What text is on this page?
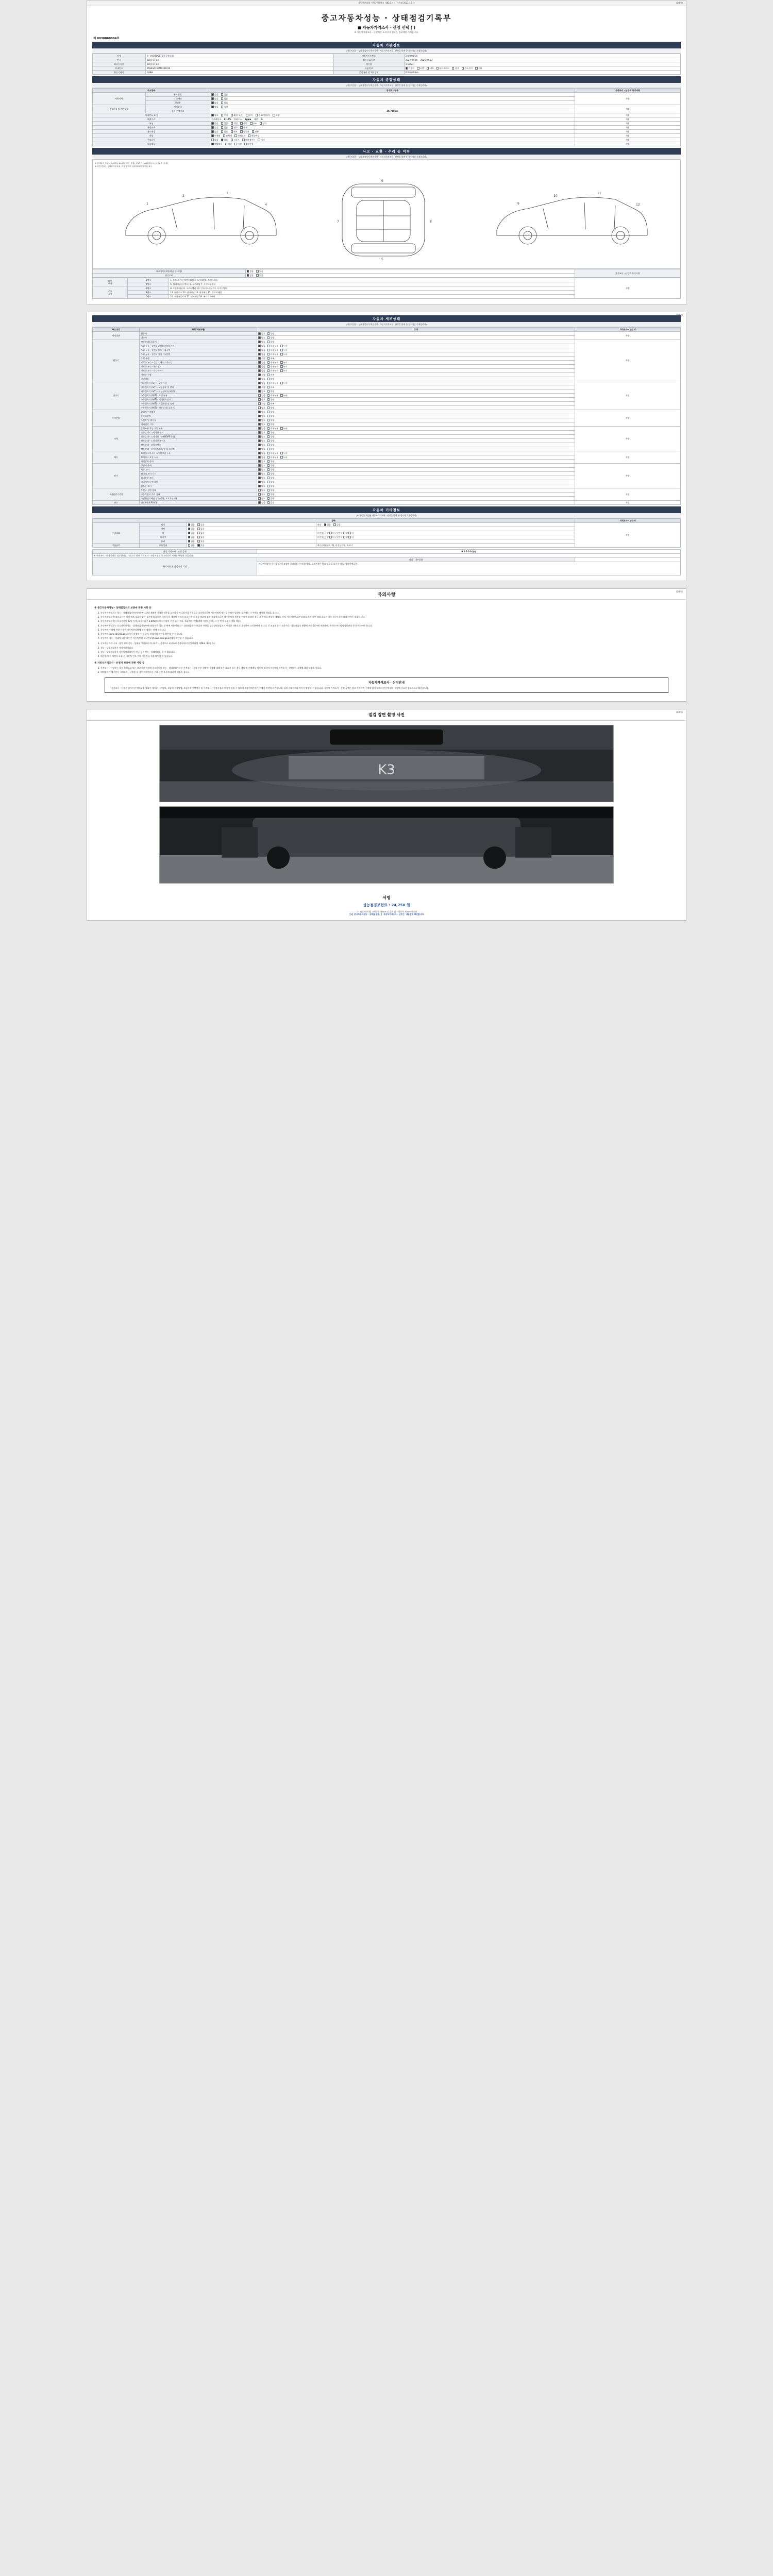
자동차관리법 시행규칙 [별지 제82호서식] <개정 2021.1.5.>	(1/4쪽)
중고자동차성능 · 상태점검기록부
■ 자동차가격조사 · 산정 선택 ( )
※ 자동차가격조사 · 산정액은 소비자가 원하는 경우에만 기재합니다.
제 0030060004호
자동차 기본정보
(자동차성능 · 상태점검자가 확인사항 : 자동차가격조사 · 산정을 함께 한 경우에만 기재합니다)
차 명	올-뉴K3(SPORTS) (국제상품)	자동차등록번호	2,0.0/04/19
연 식	2017-07-04	검사유효기간	2022-07-04 ~ 2026-07-03
최초등록일	2017-07-04	배기량	1,591cc
차대번호	KMHLS41EBMA301010	사용연료	가솔린 디젤 LPG 하이브리드 전기 수소전기 기타
원동기형식	G4NH	주행거리 및 계기상태	0 0 0 0 0 km
자동차 종합상태
(자동차성능 · 상태점검자가 확인사항 : 자동차가격조사 · 산정을 함께 한 경우에만 기재합니다)
주요항목		상태표시항목	가격조사 · 산정액 특기사항
사용이력	용도변경	없음 있음	적정
	리스/렌트	없음 있음	
	영업용	없음 있음	
주행거리 및 계기상태	계기상태	양호 불량	적정
	현재 주행거리	25,719km	
차대번호 표기		양호 부식 훼손(오손) 상이 변조(변타흔) 도말	적정
배출가스		일산화탄소 0.17% 탄화수소 1ppm 매연 %	적정
튜닝		없음 있음 적법 불법 구조 장치	적정
특별이력		없음 있음 침수 화재	적정
용도변경		없음 있음 렌트 영업용 관용	적정
색상		무채색 유채색 전체도색 색상변경	적정
주요옵션		없음 있음 선루프 내비게이션 기타	적정
리콜대상		해당없음 해당 이행 미이행	적정
사고 · 교환 · 수리 등 이력
(자동차성능 · 상태점검자가 확인사항 : 자동차가격조사 · 산정을 함께 한 경우에만 기재합니다)
※ 상태표시 부호 : X (교환), W (판금 또는 용접), C (부식), A (흠집), U (요철), T (손상)
※ 하단 번호는 상태표시부호에, 기재 항목의 상세 위치에 맞추어 표시
1
2
3
4
6
5
7	8
9
10
11
12
사고이력 (교환/판금 등 포함)	없음 있음	가격조사 · 산정액 특기사항
단순수리	없음 있음	
외판
부위	1랭크	1. 후드 2. 프론트펜더(좌) 3. 도어(좌) 4. 트렁크리드	적정
	2랭크	5. 쿼터패널(뒤 펜더) 6. 루프패널 7. 사이드실패널	
주요
골격	A랭크	8. 프론트패널 9. 크로스멤버 10. 인사이드패널 11. 사이드멤버	
	B랭크	12. 휠하우스 13. 필러패널 14. 대쉬패널 15. 플로어패널	
	C랭크	16. 트렁크플로어 17. 리어패널 18. 패키지트레이	
(2/4쪽)
자동차 세부상태
(자동차성능 · 상태점검자가 확인사항 : 자동차가격조사 · 산정을 함께 한 경우에만 기재합니다)
주요장치	항목/해당부품	상태	가격조사 · 산정액
자가진단	원동기	양호 불량	적정
	변속기	양호 불량	
원동기	작동상태 (공회전)	양호 불량	적정
	오일 누유 - 실린더 커버(로커암) 커버	없음 미세누유 누유	
	오일 누유 - 실린더 헤드 / 개스킷	없음 미세누유 누유	
	오일 누유 - 실린더 블록 / 오일팬	없음 미세누유 누유	
	오일 유량	적정 부족	
	냉각수 누수 - 실린더 헤드 / 개스킷	없음 미세누수 누수	
	냉각수 누수 - 워터펌프	없음 미세누수 누수	
	냉각수 누수 - 라디에이터	없음 미세누수 누수	
	냉각수 수량	적정 부족	
	커먼레일	양호 불량	
변속기	자동변속기 (A/T) - 오일 누유	없음 미세누유 누유	적정
	자동변속기 (A/T) - 오일유량 및 상태	적정 부족	
	자동변속기 (A/T) - 작동상태 (공회전)	양호 불량	
	수동변속기 (M/T) - 오일 누유	없음 미세누유 누유	
	수동변속기 (M/T) - 기어변속장치	양호 불량	
	수동변속기 (M/T) - 오일유량 및 상태	적정 부족	
	수동변속기 (M/T) - 작동상태 (공회전)	양호 불량	
동력전달	클러치 어셈블리	양호 불량	적정
	등속조인트	양호 불량	
	추진축 및 베어링	양호 불량	
	디퍼렌셜 기어	양호 불량	
조향	동력조향 작동 오일 누유	없음 미세누유 누유	적정
	작동상태 - 스티어링 펌프	양호 불량	
	작동상태 - 스티어링 기어(MDPS포함)	양호 불량	
	작동상태 - 스티어링 조인트	양호 불량	
	작동상태 - 파워크랭크	양호 불량	
	작동상태 - 타이로드엔드 및 볼 조인트	양호 불량	
제동	브레이크 마스터 실린더오일 누유	없음 미세누유 누유	적정
	브레이크 오일 누유	없음 미세누유 누유	
	배력장치 상태	양호 불량	
전기	발전기 출력	양호 불량	적정
	시동 모터	양호 불량	
	와이퍼 모터 기능	양호 불량	
	실내송풍 모터	양호 불량	
	라디에이터 팬 모터	양호 불량	
	윈도우 모터	양호 불량	
고전원전기장치	충전구 절연 상태	양호 불량	적정
	구동축전지 격리 상태	양호 불량	
	고전원전기배선 상태(피복, 보호기구 등)	양호 불량	
연료	연료누출(LPG포함)	없음 있음	적정
자동차 기타정보
(※ 항목은 확인된 자동차가격조사 · 산정을 함께 한 경우에 기재합니다)
항목				가격조사 · 산정액
수리필요	외장	없음 있음	내장 없음 있음	적정
	광택	없음 있음		
	휠	없음 있음	운전석 앞 뒤 / 동반석 앞 뒤	
	타이어	없음 있음	운전석 앞 뒤 / 동반석 앞 뒤	
	유리	없음 있음		
기본품목	보유상태	없음 있음	추가선택(공구, 잭), 안전삼각대, 소화기	
최종 가격조사 · 산정 금액	0 0 0 0 0 만원	
※ 가격조사 · 산정가격은 성능상태를 기준으로 하며 가격조사 · 산정시점의 중고자동차 시세를 반영한 것입니다.		
특기사항 및 점검자의 의견	점검 · 내부결함	
	비급여비업무(수기장 )/기록고장에 플러터블-산 보합(세외, 도모콘작은 담료 품오로 표기지 양올, 업바이백공용.	
(3/4쪽)
유의사항
※ 중고자동차성능 · 상태점검자의 보증에 관한 사항 등
1. 자동차매매업자는 성능 · 상태점검기록부(자동차 1대당 제외에 기재한 내용을 고지하지 아니하거나 거짓으로 고지함으로써 매수인에게 재산상 손해가 발생한 경우에는 그 손해를 배상할 책임을 집니다.
2. 자동차인도일부터(보증기간 개인 정보 오류가 있는 경우에 보증기간 내에 동일 제작사 이내의 보증기간 및 보증 범위에 따라 보장함으로써 매수인에게 재산상 손해가 발생한 경우 그 손해를 배상할 책임을 지며, 자동차인도일부터(보증기간 개인 정보 오류가 있는 경우) 소비자(매수인)는 보장합니다.
3. 자동차인도일부터 보증기간이 30일 이상, 보증거리가 2,000킬로미터 이상의 기간 또는 거리, 보증계약 건별(발생 이전이 이내, 그 중 먼저 도래한 것을 적용).
4. 자동차매매업자는 중고자동차성능 · 상태점검기록부에 따라(이하 성능 등 판매 이용자)성능 · 상태점검자가 보증한 사항을 성능상태점검자가 부실한 내용으로 결정하여 고지하여야 합니다. 중 보장범위가 고장수리 · 성능점검기 현황에 관한 24시에 적용하며, 본전의 부기법령정보관리 등 유의하여야 합니다.
5. 자동차의 수출에 관한 사항은 자동차관리법에 따라 정하는 바에 따릅니다.
6. 자동차의(www.car365.go.kr)에서 실행할 수 있으며, 점검자의 확인을 확인할 수 있습니다.
7. 자동차의 성능 · 상태에 대한 확인은 자동차민원 대국민포털(www.ecar.go.kr)에서 확인할 수 있습니다.
1. 중고자동차의 구조 · 장치 협의 성능 · 상태를 고지하지 아니하거나 거짓으로 표시하지 못합니다(자동차관리법 제58조 제3항 등).
2. 성능 · 상태점검자가 제작기관입니다.
3. 성능 · 상태점검자가 자동차정비업자가 아닌 경우 성능 · 상태점검을 할 수 없습니다.
4. 매수인(매수 예정자 포함)은 자동차 인도 전에 자동차를 직접 확인할 수 있습니다.
※ 자동차가격조사 · 산정자 보증에 관한 사항 등
1. 가격조사 · 산정자는 자기 실책으로 또는 보증기간 이내에 중고자동차 성능 · 상태점검기록부 가격조사 · 산정 부분 현황에 기재에 대해 불손 요류가 있는 경우 책임 및 손해배상 의무에 대하여 자동차의 가격조사 · 산정자는 실책에 대한 보장을 합니다.
2. 매매업자가 매수인이 거래조사 · 산정을 할 경우 매매업자는 거래 중인 조사에 대하여 책임을 집니다.
자동차가격조사 · 산정안내
「가격조사 · 산정부 실시기간 매매대행 협회가 제시한 가격정보, 보증의 수행방법, 보험사의 선택여부 및 가격조사 · 산정시점과 차이가 있을 수 있으며 최종판매가격은 구매자 판단에 의존합니다. 실제 거래가격과 차이가 발생할 수 있습니다. 자동차 가격조사 · 산정 금액은 참고 가격이며 구매에 있어 고객의 판단에 따라 결정에 중요한 참고자료로 활용됩니다.
(4/4쪽)
점검 장면 촬영 사진
K3
서명
성능점검보험료 : 24,750 원
『 * 자동차관리법 시행규칙 제58조 및 같은 법 시행규칙 제78조에 따라
【Y】중고자동차성능 · 상태를 검증, 】 자동차가격조사 · 산정 】 내용검토 확인합니다.
